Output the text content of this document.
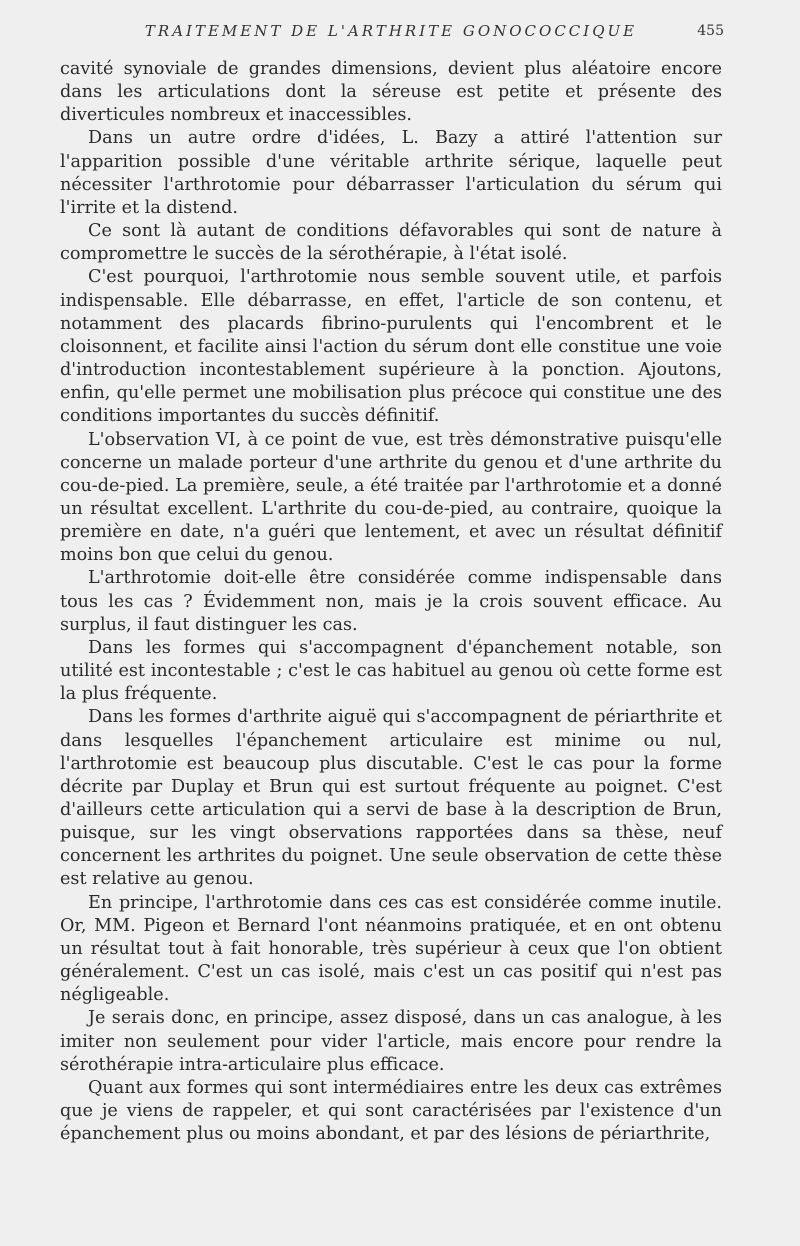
TRAITEMENT DE L'ARTHRITE GONOCOCCIQUE	455

cavité synoviale de grandes dimensions, devient plus aléatoire encore dans les articulations dont la séreuse est petite et présente des diverticules nombreux et inaccessibles.

Dans un autre ordre d'idées, L. Bazy a attiré l'attention sur l'apparition possible d'une véritable arthrite sérique, laquelle peut nécessiter l'arthrotomie pour débarrasser l'articulation du sérum qui l'irrite et la distend.

Ce sont là autant de conditions défavorables qui sont de nature à compromettre le succès de la sérothérapie, à l'état isolé.

C'est pourquoi, l'arthrotomie nous semble souvent utile, et parfois indispensable. Elle débarrasse, en effet, l'article de son contenu, et notamment des placards fibrino-purulents qui l'encombrent et le cloisonnent, et facilite ainsi l'action du sérum dont elle constitue une voie d'introduction incontestablement supérieure à la ponction. Ajoutons, enfin, qu'elle permet une mobilisation plus précoce qui constitue une des conditions importantes du succès définitif.

L'observation VI, à ce point de vue, est très démonstrative puisqu'elle concerne un malade porteur d'une arthrite du genou et d'une arthrite du cou-de-pied. La première, seule, a été traitée par l'arthrotomie et a donné un résultat excellent. L'arthrite du cou-de-pied, au contraire, quoique la première en date, n'a guéri que lentement, et avec un résultat définitif moins bon que celui du genou.

L'arthrotomie doit-elle être considérée comme indispensable dans tous les cas ? Évidemment non, mais je la crois souvent efficace. Au surplus, il faut distinguer les cas.

Dans les formes qui s'accompagnent d'épanchement notable, son utilité est incontestable ; c'est le cas habituel au genou où cette forme est la plus fréquente.

Dans les formes d'arthrite aiguë qui s'accompagnent de périarthrite et dans lesquelles l'épanchement articulaire est minime ou nul, l'arthrotomie est beaucoup plus discutable. C'est le cas pour la forme décrite par Duplay et Brun qui est surtout fréquente au poignet. C'est d'ailleurs cette articulation qui a servi de base à la description de Brun, puisque, sur les vingt observations rapportées dans sa thèse, neuf concernent les arthrites du poignet. Une seule observation de cette thèse est relative au genou.

En principe, l'arthrotomie dans ces cas est considérée comme inutile. Or, MM. Pigeon et Bernard l'ont néanmoins pratiquée, et en ont obtenu un résultat tout à fait honorable, très supérieur à ceux que l'on obtient généralement. C'est un cas isolé, mais c'est un cas positif qui n'est pas négligeable.

Je serais donc, en principe, assez disposé, dans un cas analogue, à les imiter non seulement pour vider l'article, mais encore pour rendre la sérothérapie intra-articulaire plus efficace.

Quant aux formes qui sont intermédiaires entre les deux cas extrêmes que je viens de rappeler, et qui sont caractérisées par l'existence d'un épanchement plus ou moins abondant, et par des lésions de périarthrite,
